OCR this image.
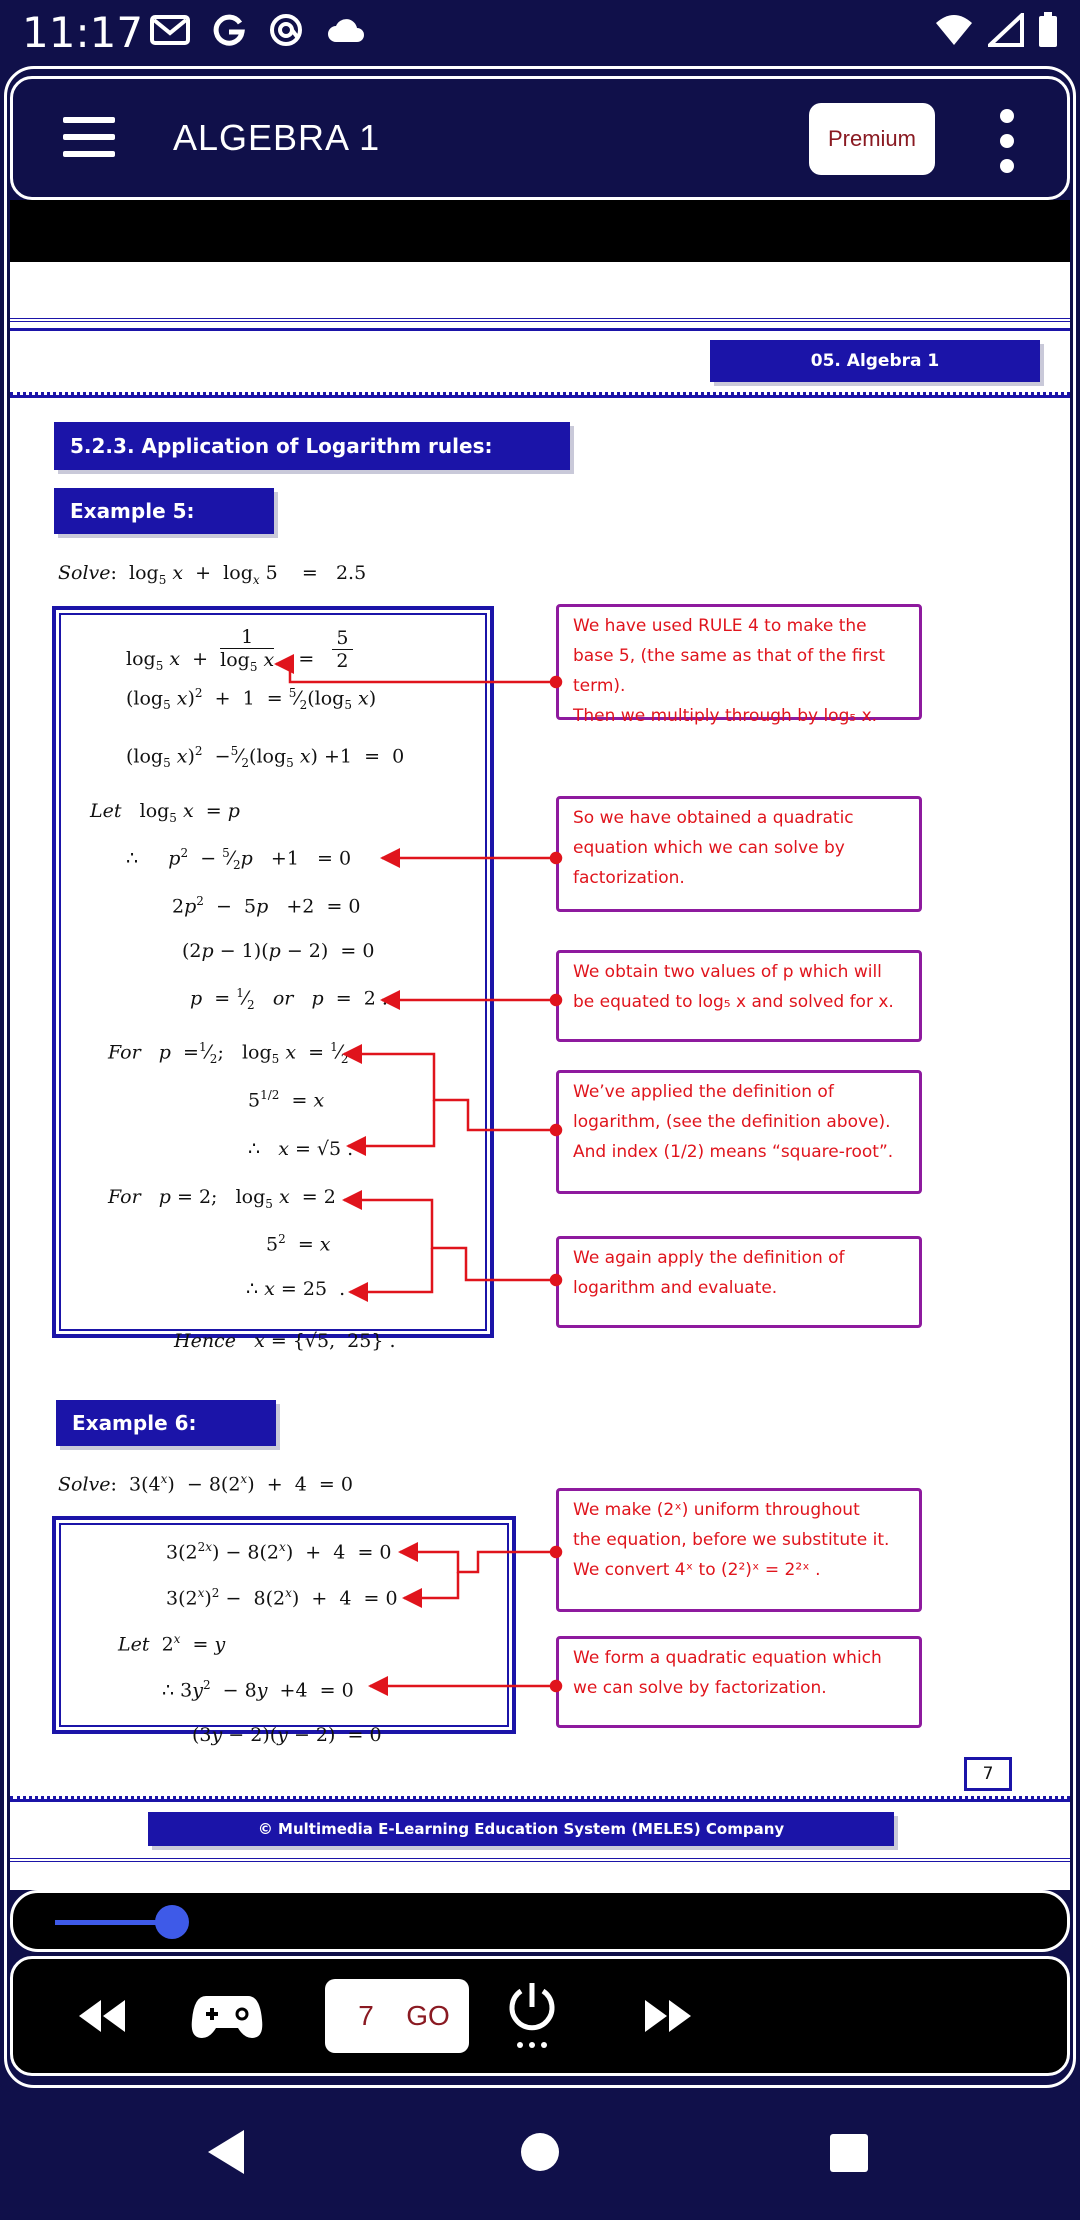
11:17
ALGEBRA 1	Premium
05. Algebra 1
5.2.3. Application of Logarithm rules:
Example 5:
Solve:  $\log_5 x + \log_x 5$    =   2.5
$\log_5 x + \frac{1}{\log_5 x} = \frac{5}{2}$
($\log_5$ $x)^2 + 1 = ^5⁄_2(\log_5$ x)
($\log_5$ $x)^2 -^5⁄_2(\log_5$ x) +1  =  0
Let   $\log_5 x = p$
∴     $p^2$  − $^5⁄_2p +1 = 0$
$2p^2 - 5p +2 = 0$
(2p − 1)(p − 2)  = 0
$p = ^1⁄_2$ or p  =  2 .
For $p =^1⁄_2$;   $\log_5 x$  = $^1⁄_2$
$5^{1/2} = x$
∴   x = √5 .
For p = 2;   $\log_5 x = 2$
$5^2 = x$
∴ x = 25  .
Hence x = {√5,  25} .
We have used RULE 4 to make the
base 5, (the same as that of the first
term).
Then we multiply through by log₅ x.
So we have obtained a quadratic
equation which we can solve by
factorization.
We obtain two values of p which will
be equated to log₅ x and solved for x.
We’ve applied the definition of
logarithm, (see the definition above).
And index (1/2) means “square-root”.
We again apply the definition of
logarithm and evaluate.
Example 6:
Solve:  $3(4^x) - 8(2^x) + 4 = 0$
$3(2^{2x}) - 8(2^x) + 4 = 0$
$3(2^x)^2 - 8(2^x) + 4 = 0$
Let  2$^x$  = y
∴ $3y^2 - 8y +4 = 0$
(3y − 2)(y − 2)  = 0
We make (2ˣ) uniform throughout
the equation, before we substitute it.
We convert 4ˣ to (2²)ˣ = 2²ˣ .
We form a quadratic equation which
we can solve by factorization.
7
© Multimedia E-Learning Education System (MELES) Company
7	GO
